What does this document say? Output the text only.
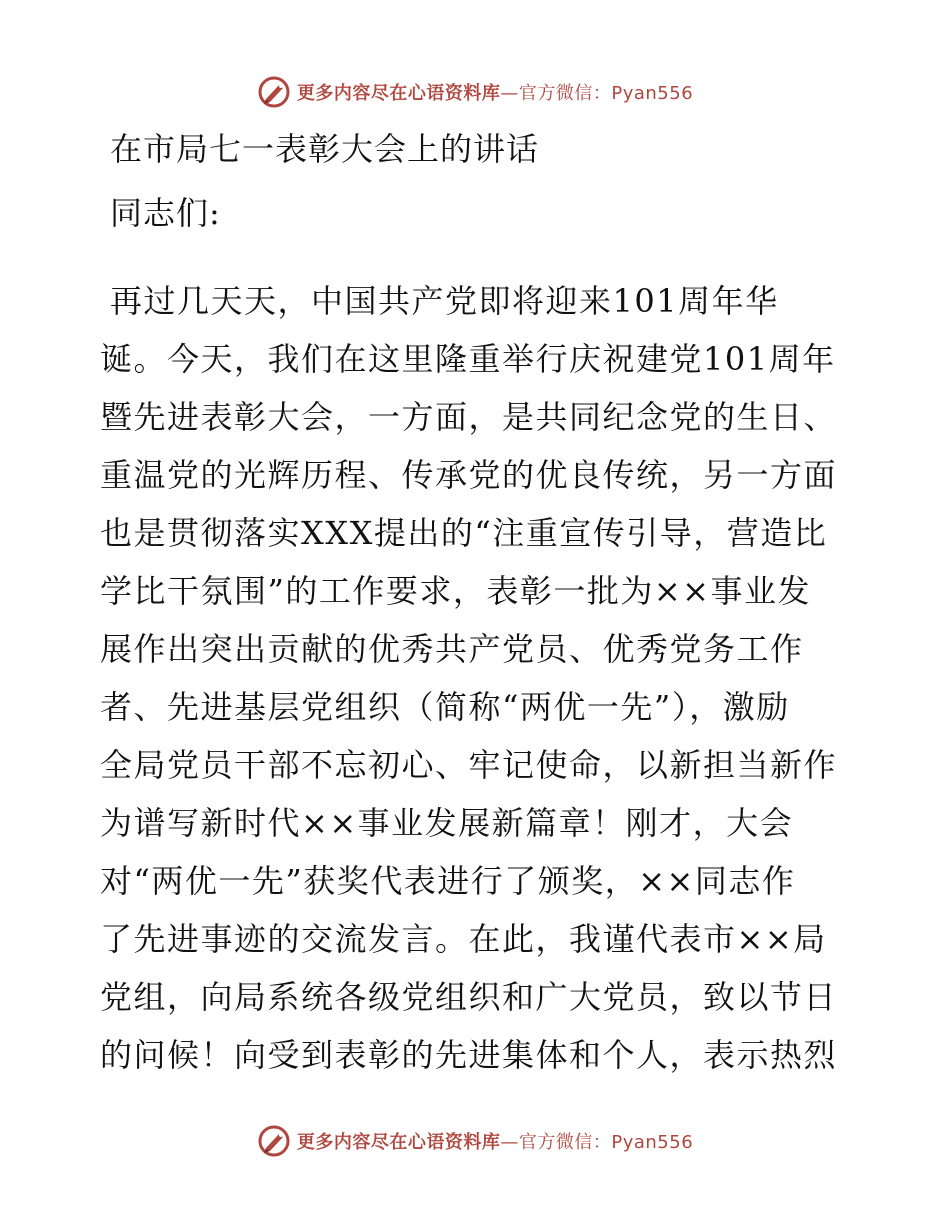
更多内容尽在心语资料库—官方微信：Pyan556
在市局七一表彰大会上的讲话

同志们:

再过几天天，中国共产党即将迎来101周年华
诞。今天，我们在这里隆重举行庆祝建党101周年
暨先进表彰大会，一方面，是共同纪念党的生日、
重温党的光辉历程、传承党的优良传统，另一方面
也是贯彻落实XXX提出的“注重宣传引导，营造比
学比干氛围”的工作要求，表彰一批为××事业发
展作出突出贡献的优秀共产党员、优秀党务工作
者、先进基层党组织（简称“两优一先”），激励
全局党员干部不忘初心、牢记使命，以新担当新作
为谱写新时代××事业发展新篇章！刚才，大会
对“两优一先”获奖代表进行了颁奖，××同志作
了先进事迹的交流发言。在此，我谨代表市××局
党组，向局系统各级党组织和广大党员，致以节日
的问候！向受到表彰的先进集体和个人，表示热烈
更多内容尽在心语资料库—官方微信：Pyan556
